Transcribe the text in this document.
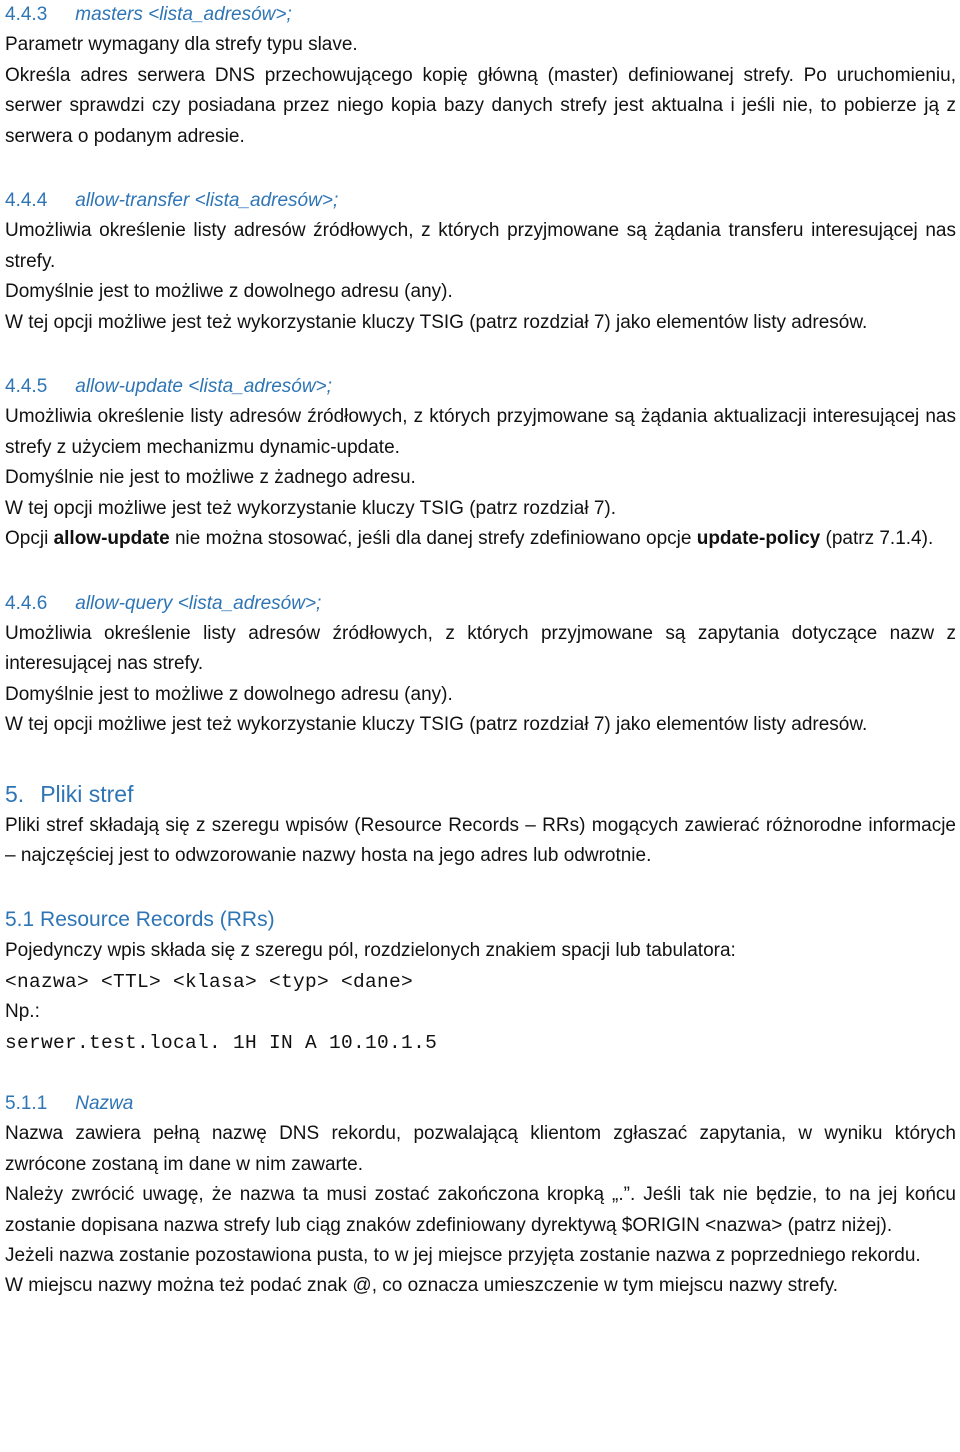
4.4.3 masters <lista_adresów>;

Parametr wymagany dla strefy typu slave.

Określa adres serwera DNS przechowującego kopię główną (master) definiowanej strefy. Po uruchomieniu, serwer sprawdzi czy posiadana przez niego kopia bazy danych strefy jest aktualna i jeśli nie, to pobierze ją z serwera o podanym adresie.

4.4.4 allow-transfer <lista_adresów>;

Umożliwia określenie listy adresów źródłowych, z których przyjmowane są żądania transferu interesującej nas strefy.

Domyślnie jest to możliwe z dowolnego adresu (any).

W tej opcji możliwe jest też wykorzystanie kluczy TSIG (patrz rozdział 7) jako elementów listy adresów.

4.4.5 allow-update <lista_adresów>;

Umożliwia określenie listy adresów źródłowych, z których przyjmowane są żądania aktualizacji interesującej nas strefy z użyciem mechanizmu dynamic-update.

Domyślnie nie jest to możliwe z żadnego adresu.

W tej opcji możliwe jest też wykorzystanie kluczy TSIG (patrz rozdział 7).

Opcji allow-update nie można stosować, jeśli dla danej strefy zdefiniowano opcje update-policy (patrz 7.1.4).

4.4.6 allow-query <lista_adresów>;

Umożliwia określenie listy adresów źródłowych, z których przyjmowane są zapytania dotyczące nazw z interesującej nas strefy.

Domyślnie jest to możliwe z dowolnego adresu (any).

W tej opcji możliwe jest też wykorzystanie kluczy TSIG (patrz rozdział 7) jako elementów listy adresów.

5. Pliki stref

Pliki stref składają się z szeregu wpisów (Resource Records – RRs) mogących zawierać różnorodne informacje – najczęściej jest to odwzorowanie nazwy hosta na jego adres lub odwrotnie.

5.1 Resource Records (RRs)

Pojedynczy wpis składa się z szeregu pól, rozdzielonych znakiem spacji lub tabulatora:

<nazwa> <TTL> <klasa> <typ> <dane>

Np.:

serwer.test.local. 1H IN A 10.10.1.5

5.1.1 Nazwa

Nazwa zawiera pełną nazwę DNS rekordu, pozwalającą klientom zgłaszać zapytania, w wyniku których zwrócone zostaną im dane w nim zawarte.

Należy zwrócić uwagę, że nazwa ta musi zostać zakończona kropką „.”. Jeśli tak nie będzie, to na jej końcu zostanie dopisana nazwa strefy lub ciąg znaków zdefiniowany dyrektywą $ORIGIN <nazwa> (patrz niżej).

Jeżeli nazwa zostanie pozostawiona pusta, to w jej miejsce przyjęta zostanie nazwa z poprzedniego rekordu.

W miejscu nazwy można też podać znak @, co oznacza umieszczenie w tym miejscu nazwy strefy.
